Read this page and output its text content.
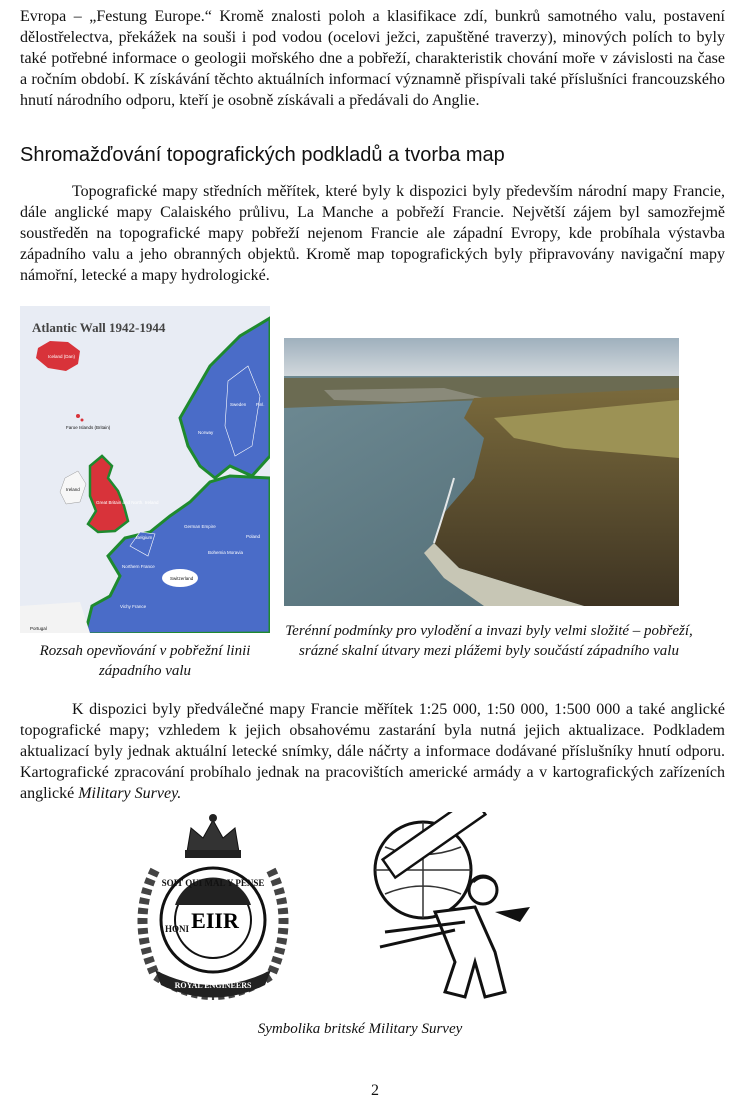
Evropa – „Festung Europe.“ Kromě znalosti poloh a klasifikace zdí, bunkrů samotného valu, postavení dělostřelectva, překážek na souši i pod vodou (ocelovi ježci, zapuštěné traverzy), minových polích to byly také potřebné informace o geologii mořského dne a pobřeží, charakteristik chování moře v závislosti na čase a ročním období. K získávání těchto aktuálních informací významně přispívali také příslušníci francouzského hnutí národního odporu, kteří je osobně získávali a předávali do Anglie.

Shromažďování topografických podkladů a tvorba map

Topografické mapy středních měřítek, které byly k dispozici byly především národní mapy Francie, dále anglické mapy Calaiského průlivu, La Manche a pobřeží Francie. Největší zájem byl samozřejmě soustředěn na topografické mapy pobřeží nejenom Francie ale západní Evropy, kde probíhala výstavba západního valu a jeho obranných objektů. Kromě map topografických byly připravovány navigační mapy námořní, letecké a mapy hydrologické.

Atlantic Wall 1942-1944
Iceland (Dan)
Faroe Islands (Britain)
Norway
Sweden Finl.
Ireland
Great Britain and North. Ireland
German Empire
Belgium	Poland
Bohemia Moravia
Northern France
Switzerland
Vichy France
Portugal

Rozsah opevňování v pobřežní linii západního valu

Terénní podmínky pro vylodění a invazi byly velmi složité – pobřeží, srázné skalní útvary mezi plážemi byly součástí západního valu

K dispozici byly předválečné mapy Francie měřítek 1:25 000, 1:50 000, 1:500 000 a také anglické topografické mapy; vzhledem k jejich obsahovému zastarání byla nutná jejich aktualizace. Podkladem aktualizací byly jednak aktuální letecké snímky, dále náčrty a informace dodávané příslušníky hnutí odporu. Kartografické zpracování probíhalo jednak na pracovištích americké armády a v kartografických zařízeních anglické Military Survey.

SOIT QUI MAL Y PENSE
HONI EIIR
ROYAL ENGINEERS

Symbolika britské Military Survey

2
